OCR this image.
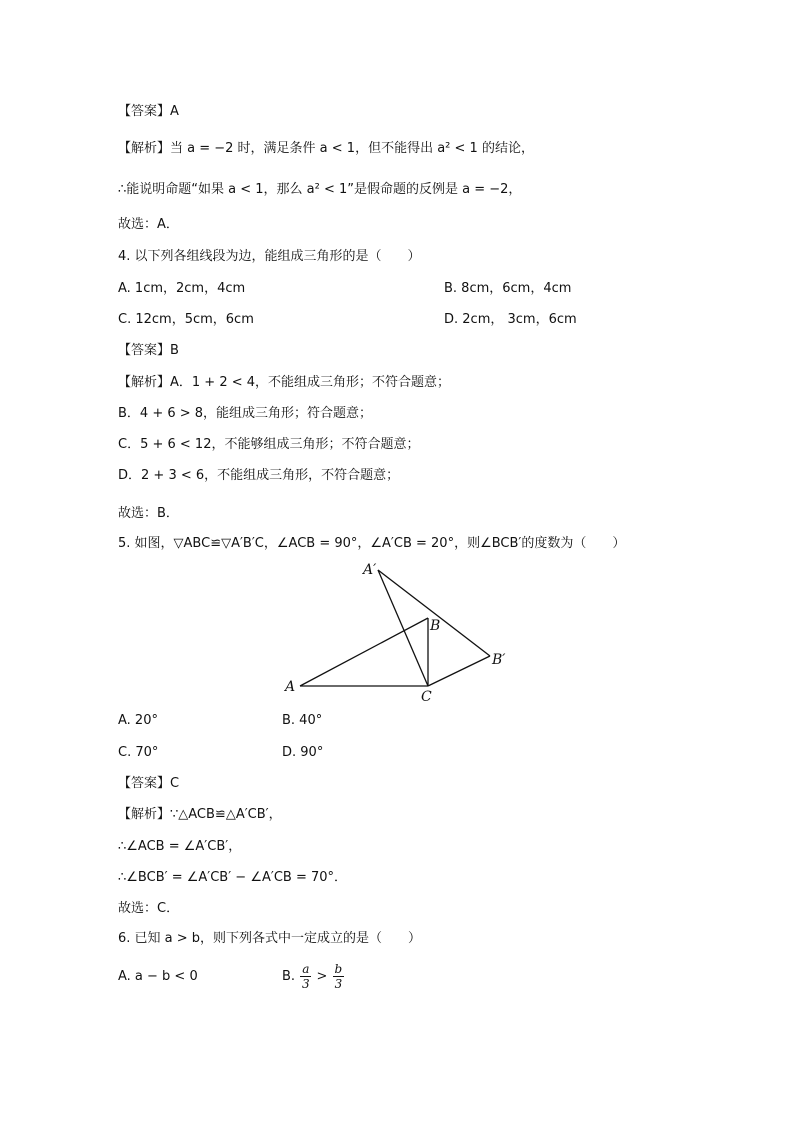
【答案】A
【解析】当 a = −2 时，满足条件 a < 1，但不能得出 a² < 1 的结论，
∴能说明命题“如果 a < 1，那么 a² < 1”是假命题的反例是 a = −2，
故选：A．
4. 以下列各组线段为边，能组成三角形的是（　　）
A. 1cm，2cm，4cm	B. 8cm，6cm，4cm
C. 12cm，5cm，6cm	D. 2cm， 3cm，6cm
【答案】B
【解析】A．1 + 2 < 4，不能组成三角形；不符合题意；
B．4 + 6 > 8，能组成三角形；符合题意；
C．5 + 6 < 12，不能够组成三角形；不符合题意；
D．2 + 3 < 6，不能组成三角形，不符合题意；
故选：B．
5. 如图，▽ABC≌▽A′B′C，∠ACB = 90°，∠A′CB = 20°，则∠BCB′的度数为（　　）
A′
B
B′
A
C
A. 20°	B. 40°
C. 70°	D. 90°
【答案】C
【解析】∵△ACB≌△A′CB′，
∴∠ACB = ∠A′CB′，
∴∠BCB′ = ∠A′CB′ − ∠A′CB = 70°．
故选：C．
6. 已知 a > b，则下列各式中一定成立的是（　　）
A. a − b < 0	B. $\frac{a}{3} > \frac{b}{3}$
